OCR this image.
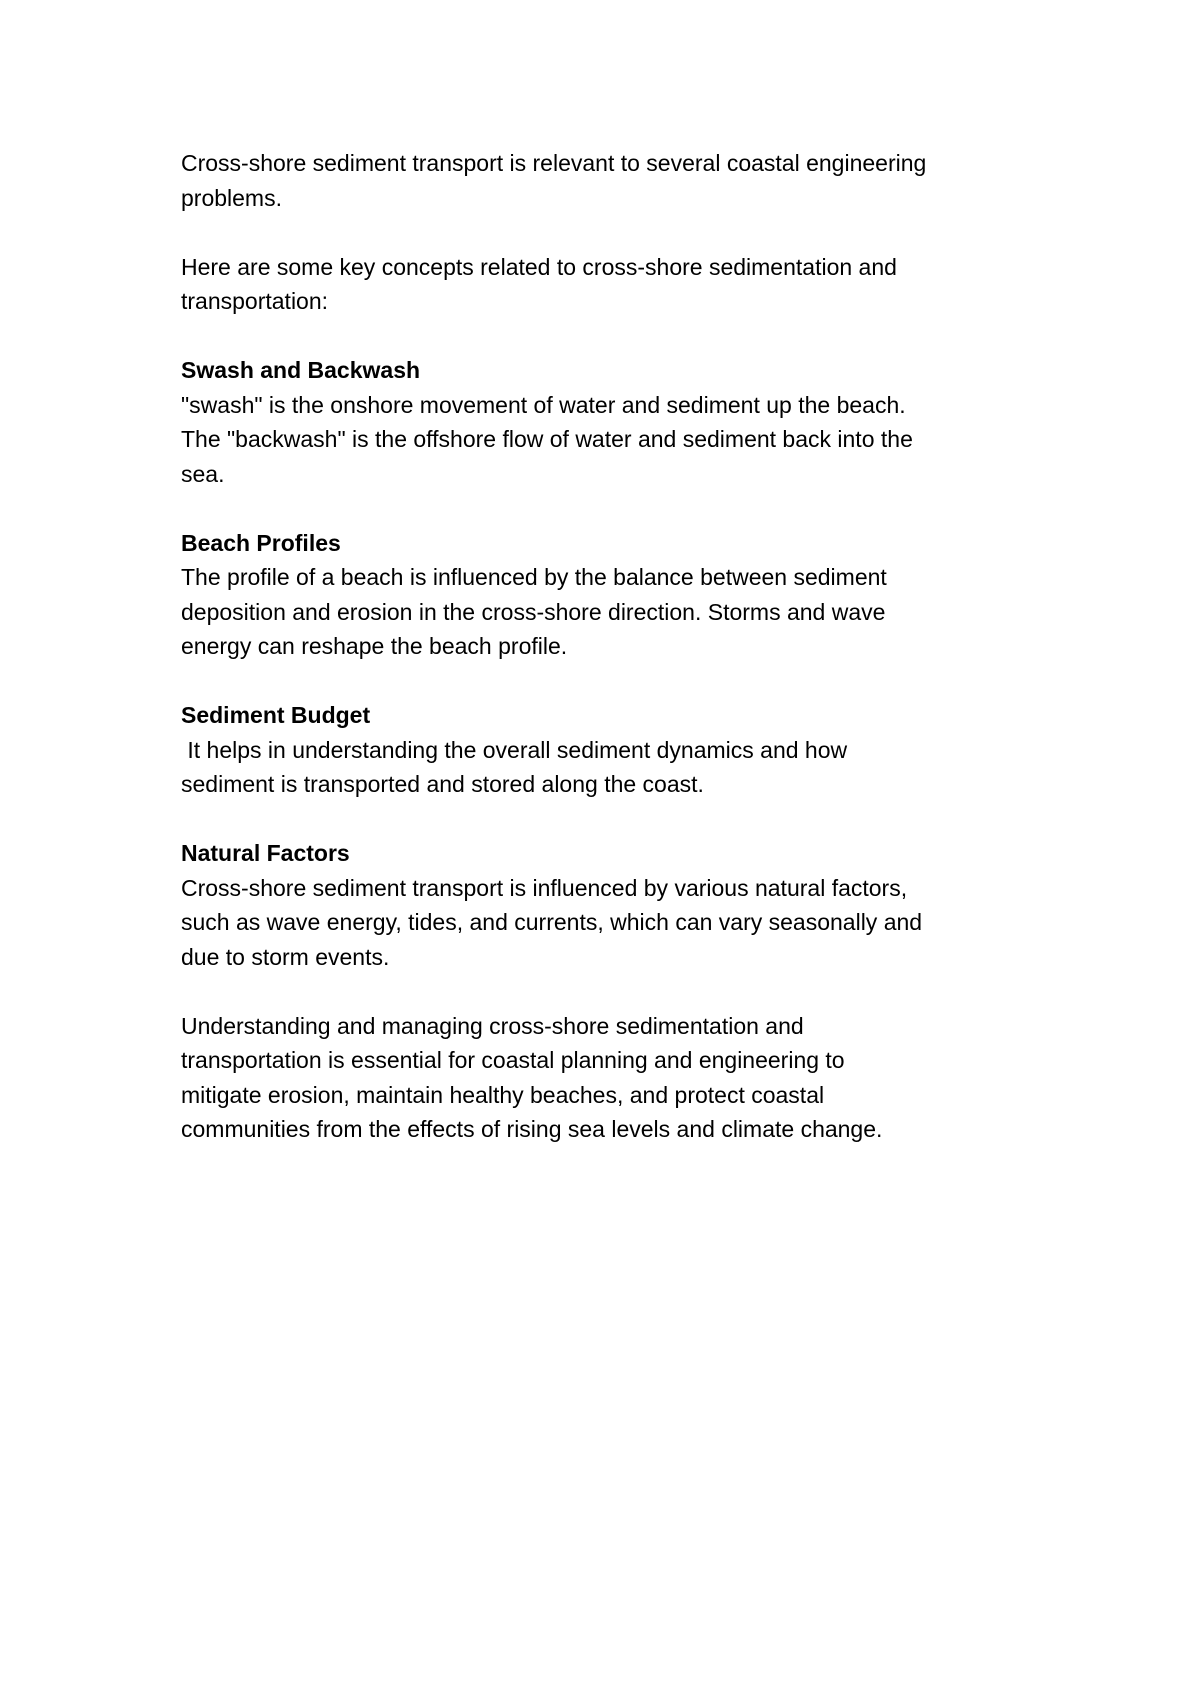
Cross-shore sediment transport is relevant to several coastal engineering
problems.
Here are some key concepts related to cross-shore sedimentation and
transportation:
Swash and Backwash
"swash" is the onshore movement of water and sediment up the beach.
The "backwash" is the offshore flow of water and sediment back into the
sea.
Beach Profiles
The profile of a beach is influenced by the balance between sediment
deposition and erosion in the cross-shore direction. Storms and wave
energy can reshape the beach profile.
Sediment Budget
It helps in understanding the overall sediment dynamics and how
sediment is transported and stored along the coast.
Natural Factors
Cross-shore sediment transport is influenced by various natural factors,
such as wave energy, tides, and currents, which can vary seasonally and
due to storm events.
Understanding and managing cross-shore sedimentation and
transportation is essential for coastal planning and engineering to
mitigate erosion, maintain healthy beaches, and protect coastal
communities from the effects of rising sea levels and climate change.
